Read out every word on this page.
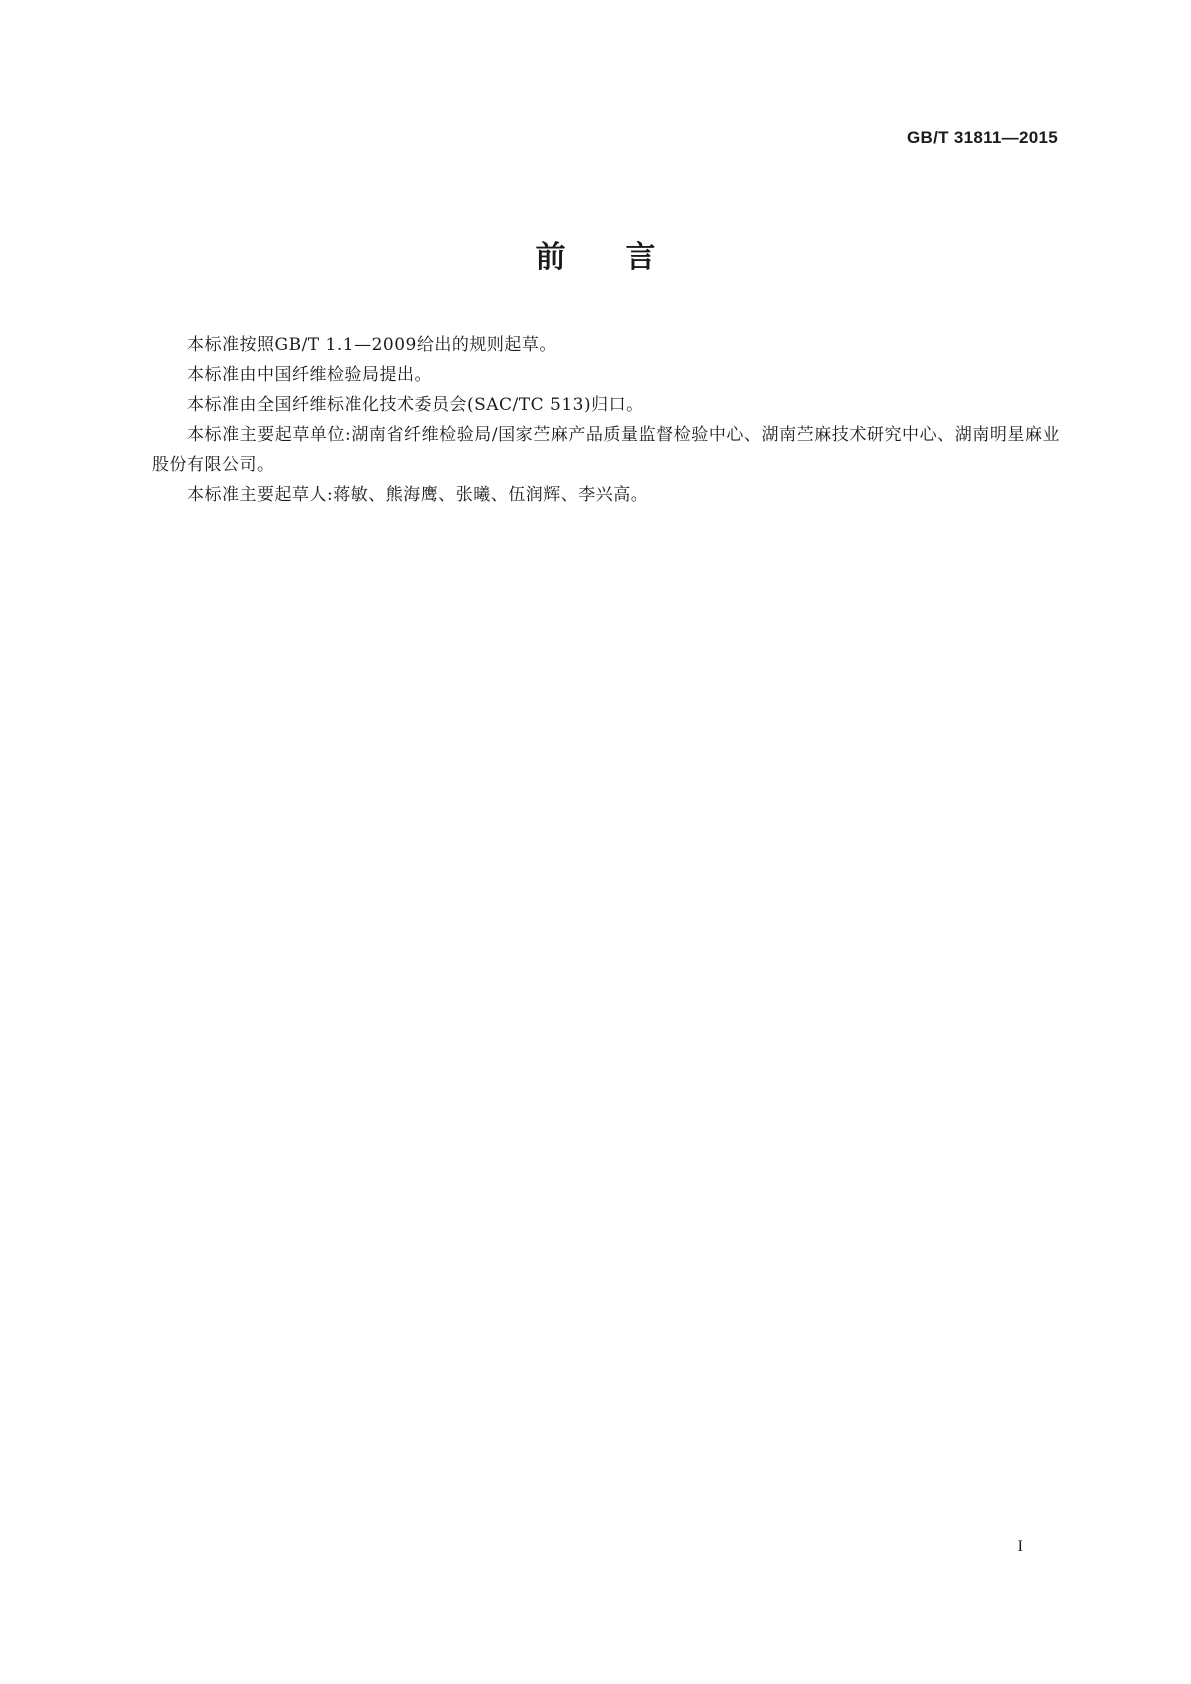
GB/T 31811—2015
前 言

本标准按照GB/T 1.1—2009给出的规则起草。

本标准由中国纤维检验局提出。

本标准由全国纤维标准化技术委员会(SAC/TC 513)归口。

本标准主要起草单位:湖南省纤维检验局/国家苎麻产品质量监督检验中心、湖南苎麻技术研究中心、湖南明星麻业股份有限公司。

本标准主要起草人:蒋敏、熊海鹰、张曦、伍润辉、李兴高。

I
